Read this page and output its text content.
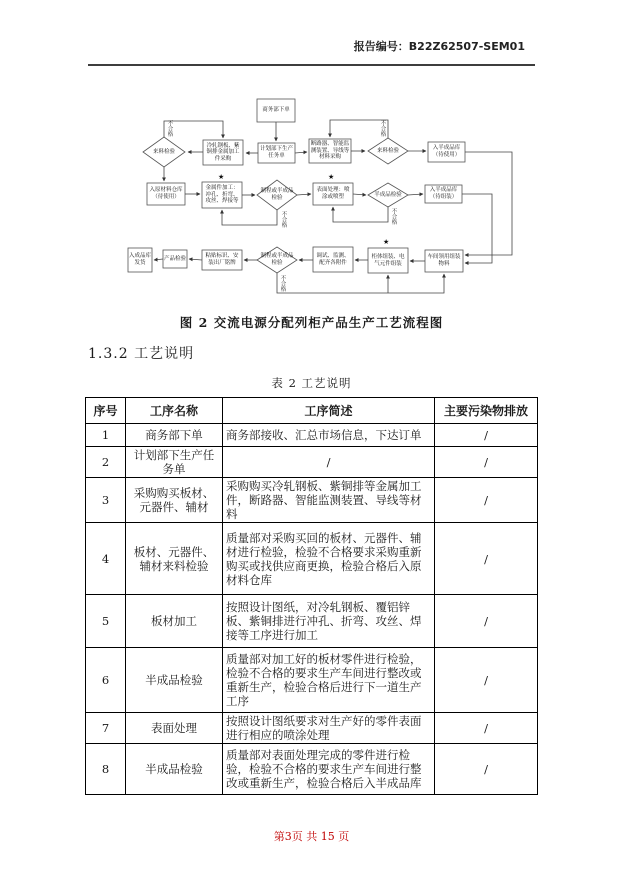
报告编号：B22Z62507-SEM01
商务部下单
计划部下生产任务单
冷轧钢板、紫铜排金属加工件采购
断路器、智能监测装置、导线等材料采购
来料检验	来料检验	入半成品库（待使用）
入原材料仓库（待使用）
金属件加工：冲孔、折弯、攻丝、焊接等
制程或半成品检验
表面处理：喷涂或喷塑	半成品检验
入半成品库（待组装）
车间领用组装物料
柜体组装、电气元件组装
调试、监测、配齐各附件
制程或半成品检验
粘贴标识、安装出厂铭牌
产品检验
入成品库发货
★	★
★
不合格	不合格
不合格	不合格
不合格
图 2 交流电源分配列柜产品生产工艺流程图
1.3.2 工艺说明
表 2 工艺说明
序号	工序名称	工序简述	主要污染物排放
1	商务部下单	商务部接收、汇总市场信息，下达订单	/
2	计划部下生产任务单	/	/
3	采购购买板材、元器件、辅材	采购购买冷轧钢板、紫铜排等金属加工件，断路器、智能监测装置、导线等材料	/
4	板材、元器件、辅材来料检验	质量部对采购买回的板材、元器件、辅材进行检验，检验不合格要求采购重新购买或找供应商更换，检验合格后入原材料仓库	/
5	板材加工	按照设计图纸，对冷轧钢板、覆铝锌板、紫铜排进行冲孔、折弯、攻丝、焊接等工序进行加工	/
6	半成品检验	质量部对加工好的板材零件进行检验，检验不合格的要求生产车间进行整改或重新生产，检验合格后进行下一道生产工序	/
7	表面处理	按照设计图纸要求对生产好的零件表面进行相应的喷涂处理	/
8	半成品检验	质量部对表面处理完成的零件进行检验，检验不合格的要求生产车间进行整改或重新生产，检验合格后入半成品库	/
第3页 共 15 页
